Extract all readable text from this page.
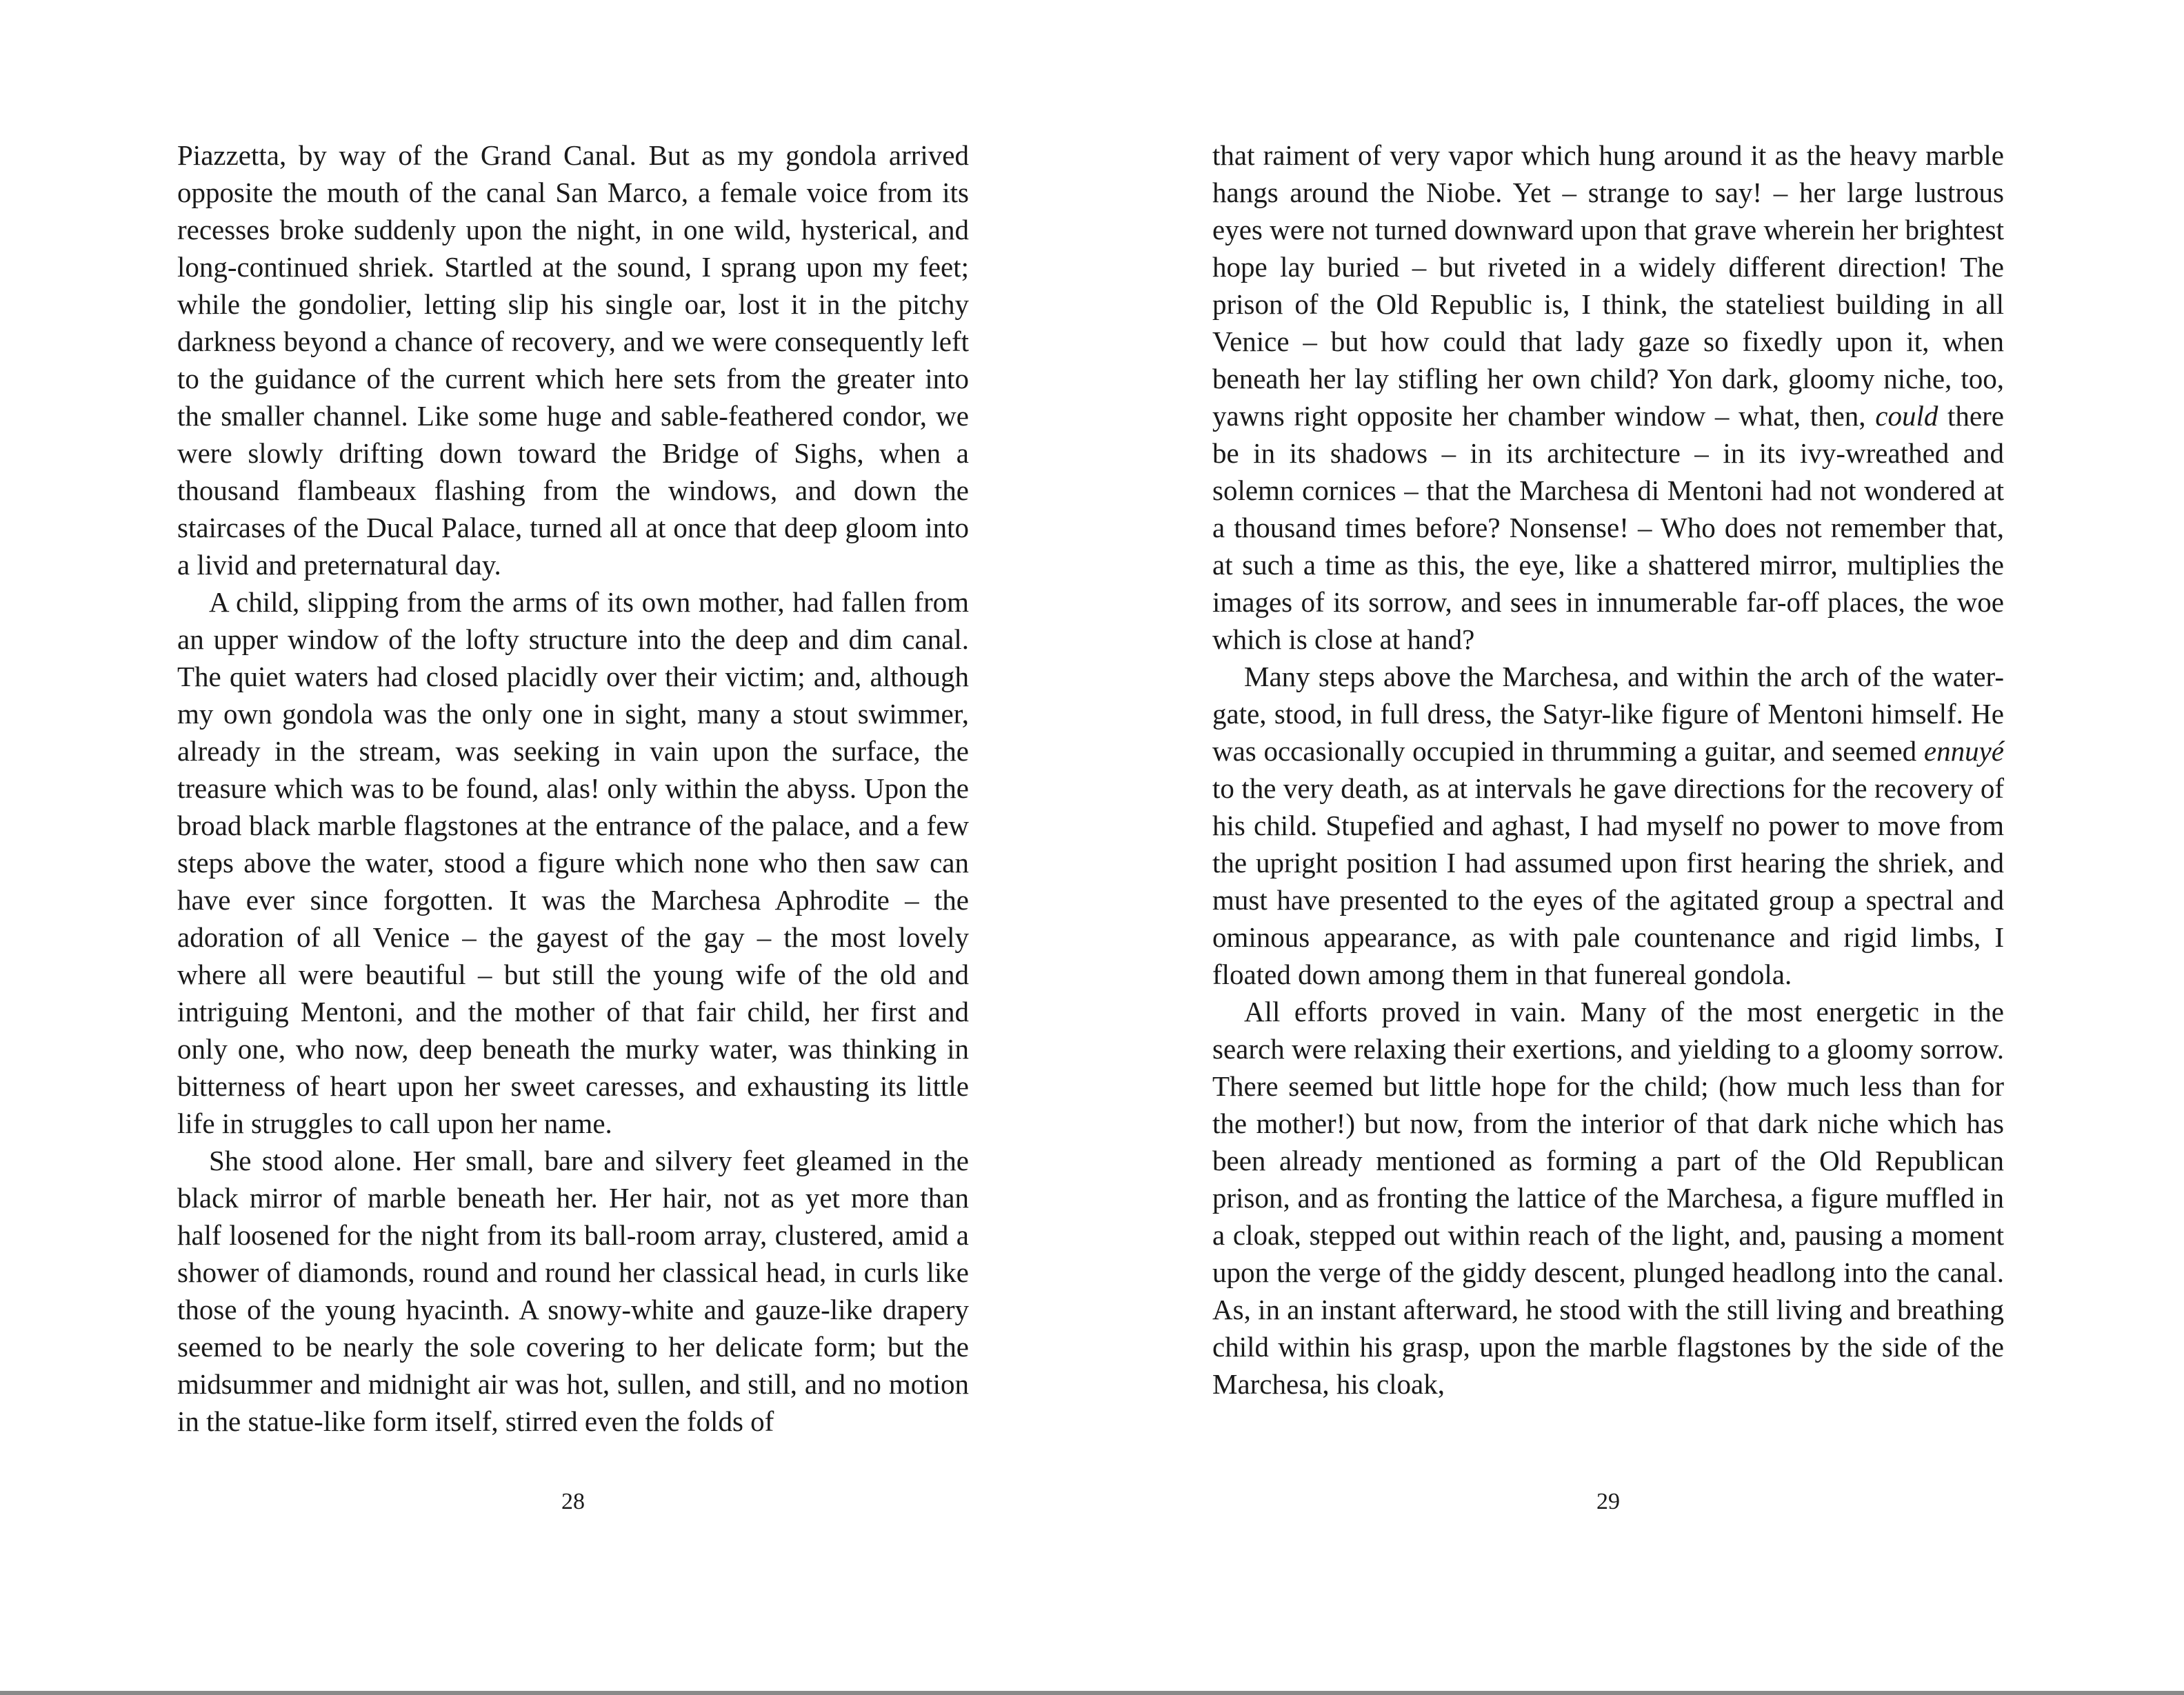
Piazzetta, by way of the Grand Canal. But as my gondola arrived opposite the mouth of the canal San Marco, a female voice from its recesses broke suddenly upon the night, in one wild, hysterical, and long-continued shriek. Startled at the sound, I sprang upon my feet; while the gondolier, letting slip his single oar, lost it in the pitchy darkness beyond a chance of recovery, and we were consequently left to the guidance of the current which here sets from the greater into the smaller channel. Like some huge and sable-feathered condor, we were slowly drifting down toward the Bridge of Sighs, when a thousand flambeaux flashing from the windows, and down the staircases of the Ducal Palace, turned all at once that deep gloom into a livid and preternatural day.

A child, slipping from the arms of its own mother, had fallen from an upper window of the lofty structure into the deep and dim canal. The quiet waters had closed placidly over their victim; and, although my own gondola was the only one in sight, many a stout swimmer, already in the stream, was seeking in vain upon the surface, the treasure which was to be found, alas! only within the abyss. Upon the broad black marble flagstones at the entrance of the palace, and a few steps above the water, stood a figure which none who then saw can have ever since forgotten. It was the Marchesa Aphrodite – the adoration of all Venice – the gayest of the gay – the most lovely where all were beautiful – but still the young wife of the old and intriguing Mentoni, and the mother of that fair child, her first and only one, who now, deep beneath the murky water, was thinking in bitterness of heart upon her sweet caresses, and exhausting its little life in struggles to call upon her name.

She stood alone. Her small, bare and silvery feet gleamed in the black mirror of marble beneath her. Her hair, not as yet more than half loosened for the night from its ball-room array, clustered, amid a shower of diamonds, round and round her classical head, in curls like those of the young hyacinth. A snowy-white and gauze-like drapery seemed to be nearly the sole covering to her delicate form; but the midsummer and midnight air was hot, sullen, and still, and no motion in the statue-like form itself, stirred even the folds of

28

that raiment of very vapor which hung around it as the heavy marble hangs around the Niobe. Yet – strange to say! – her large lustrous eyes were not turned downward upon that grave wherein her brightest hope lay buried – but riveted in a widely different direction! The prison of the Old Republic is, I think, the stateliest building in all Venice – but how could that lady gaze so fixedly upon it, when beneath her lay stifling her own child? Yon dark, gloomy niche, too, yawns right opposite her chamber window – what, then, could there be in its shadows – in its architecture – in its ivy-wreathed and solemn cornices – that the Marchesa di Mentoni had not wondered at a thousand times before? Nonsense! – Who does not remember that, at such a time as this, the eye, like a shattered mirror, multiplies the images of its sorrow, and sees in innumerable far-off places, the woe which is close at hand?

Many steps above the Marchesa, and within the arch of the water-gate, stood, in full dress, the Satyr-like figure of Mentoni himself. He was occasionally occupied in thrumming a guitar, and seemed ennuyé to the very death, as at intervals he gave directions for the recovery of his child. Stupefied and aghast, I had myself no power to move from the upright position I had assumed upon first hearing the shriek, and must have presented to the eyes of the agitated group a spectral and ominous appearance, as with pale countenance and rigid limbs, I floated down among them in that funereal gondola.

All efforts proved in vain. Many of the most energetic in the search were relaxing their exertions, and yielding to a gloomy sorrow. There seemed but little hope for the child; (how much less than for the mother!) but now, from the interior of that dark niche which has been already mentioned as forming a part of the Old Republican prison, and as fronting the lattice of the Marchesa, a figure muffled in a cloak, stepped out within reach of the light, and, pausing a moment upon the verge of the giddy descent, plunged headlong into the canal. As, in an instant afterward, he stood with the still living and breathing child within his grasp, upon the marble flagstones by the side of the Marchesa, his cloak,

29
